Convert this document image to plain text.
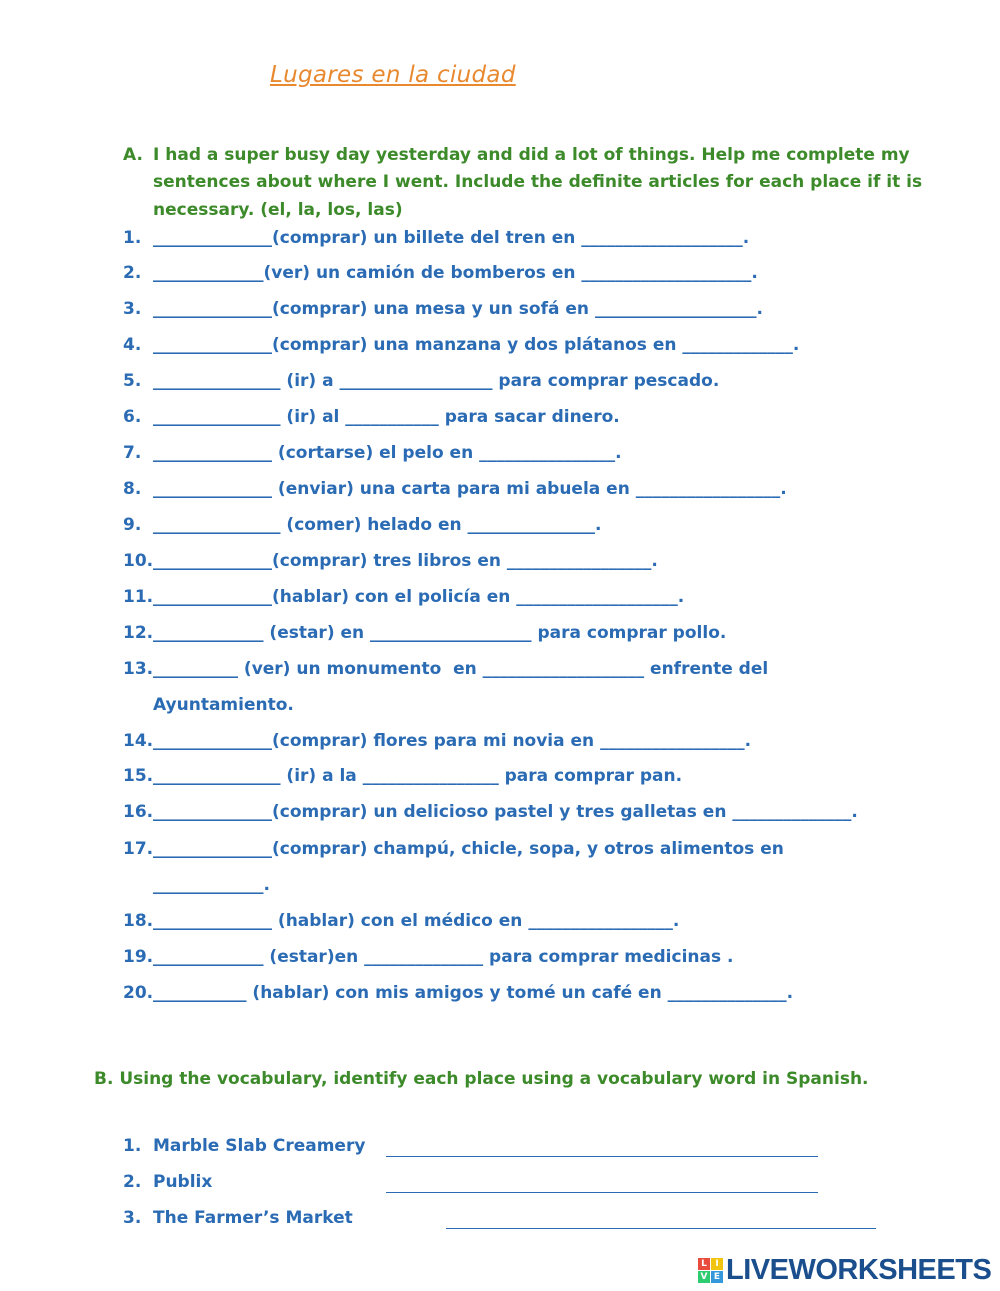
Lugares en la ciudad
A. I had a super busy day yesterday and did a lot of things. Help me complete my
sentences about where I went. Include the definite articles for each place if it is
necessary. (el, la, los, las)
1. ______________(comprar) un billete del tren en ___________________.
2. _____________(ver) un camión de bomberos en ____________________.
3. ______________(comprar) una mesa y un sofá en ___________________.
4. ______________(comprar) una manzana y dos plátanos en _____________.
5. _______________ (ir) a __________________ para comprar pescado.
6. _______________ (ir) al ___________ para sacar dinero.
7. ______________ (cortarse) el pelo en ________________.
8. ______________ (enviar) una carta para mi abuela en _________________.
9. _______________ (comer) helado en _______________.
10. ______________(comprar) tres libros en _________________.
11. ______________(hablar) con el policía en ___________________.
12. _____________ (estar) en ___________________ para comprar pollo.
13. __________ (ver) un monumento  en ___________________ enfrente del
Ayuntamiento.
14. ______________(comprar) flores para mi novia en _________________.
15. _______________ (ir) a la ________________ para comprar pan.
16. ______________(comprar) un delicioso pastel y tres galletas en ______________.
17. ______________(comprar) champú, chicle, sopa, y otros alimentos en
_____________.
18. ______________ (hablar) con el médico en _________________.
19. _____________ (estar)en ______________ para comprar medicinas .
20. ___________ (hablar) con mis amigos y tomé un café en ______________.
B. Using the vocabulary, identify each place using a vocabulary word in Spanish.
1. Marble Slab Creamery
2. Publix
3. The Farmer’s Market
L I
V E LIVEWORKSHEETS
